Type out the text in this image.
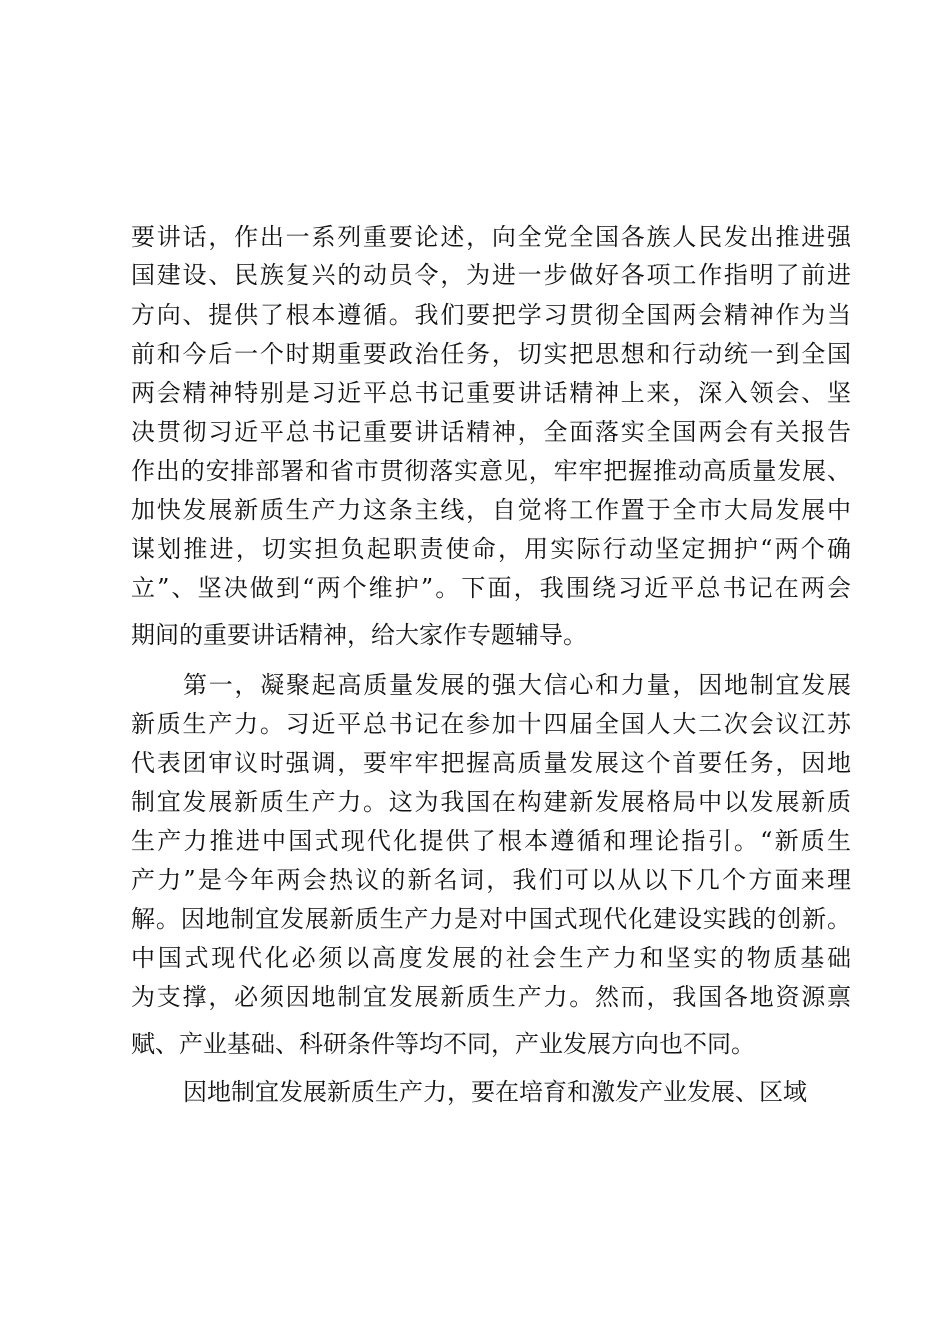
要讲话，作出一系列重要论述，向全党全国各族人民发出推进强
国建设、民族复兴的动员令，为进一步做好各项工作指明了前进
方向、提供了根本遵循。我们要把学习贯彻全国两会精神作为当
前和今后一个时期重要政治任务，切实把思想和行动统一到全国
两会精神特别是习近平总书记重要讲话精神上来，深入领会、坚
决贯彻习近平总书记重要讲话精神，全面落实全国两会有关报告
作出的安排部署和省市贯彻落实意见，牢牢把握推动高质量发展、
加快发展新质生产力这条主线，自觉将工作置于全市大局发展中
谋划推进，切实担负起职责使命，用实际行动坚定拥护“两个确
立”、坚决做到“两个维护”。下面，我围绕习近平总书记在两会
期间的重要讲话精神，给大家作专题辅导。
第一，凝聚起高质量发展的强大信心和力量，因地制宜发展
新质生产力。习近平总书记在参加十四届全国人大二次会议江苏
代表团审议时强调，要牢牢把握高质量发展这个首要任务，因地
制宜发展新质生产力。这为我国在构建新发展格局中以发展新质
生产力推进中国式现代化提供了根本遵循和理论指引。“新质生
产力”是今年两会热议的新名词，我们可以从以下几个方面来理
解。因地制宜发展新质生产力是对中国式现代化建设实践的创新。
中国式现代化必须以高度发展的社会生产力和坚实的物质基础
为支撑，必须因地制宜发展新质生产力。然而，我国各地资源禀
赋、产业基础、科研条件等均不同，产业发展方向也不同。
因地制宜发展新质生产力，要在培育和激发产业发展、区域
